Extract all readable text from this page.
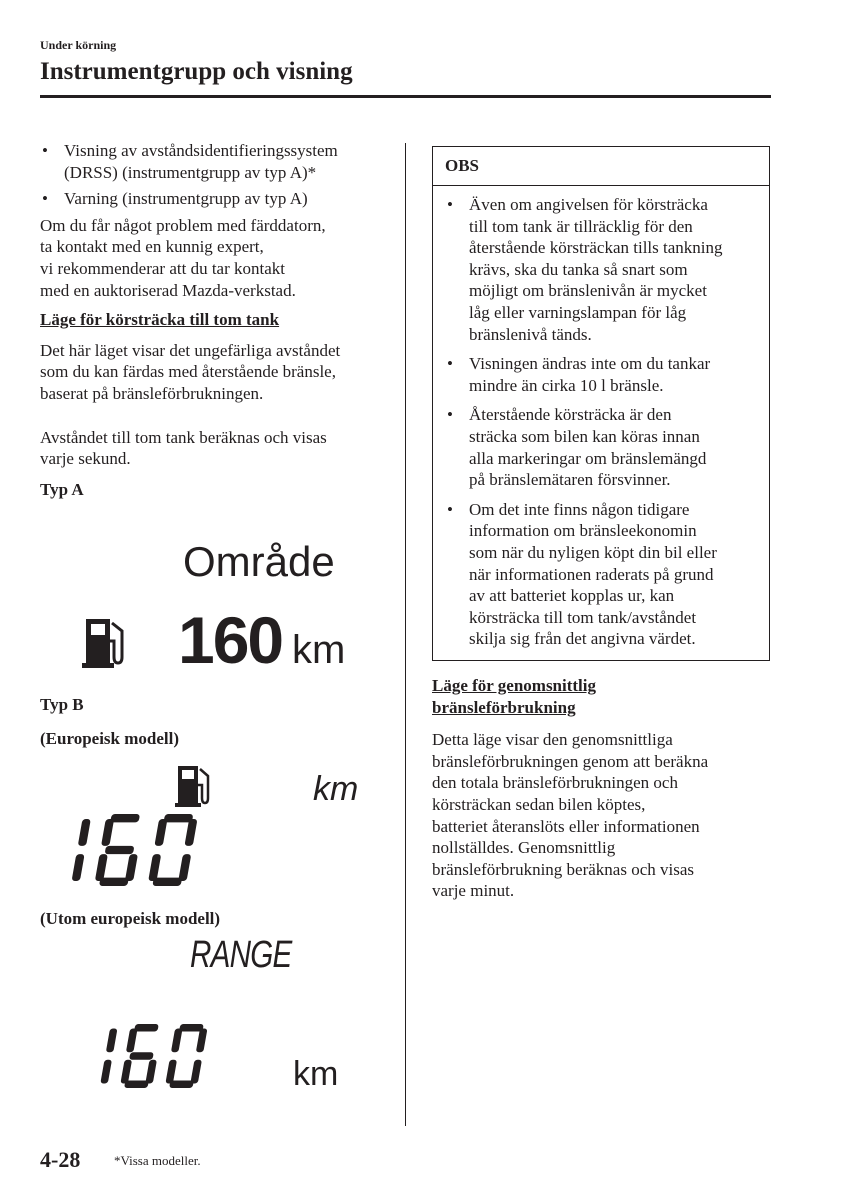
Under körning
Instrumentgrupp och visning
• Visning av avståndsidentifieringssystem
(DRSS) (instrumentgrupp av typ A)*
• Varning (instrumentgrupp av typ A)
Om du får något problem med färddatorn,
ta kontakt med en kunnig expert,
vi rekommenderar att du tar kontakt
med en auktoriserad Mazda-verkstad.
Läge för körsträcka till tom tank
Det här läget visar det ungefärliga avståndet
som du kan färdas med återstående bränsle,
baserat på bränsleförbrukningen.
Avståndet till tom tank beräknas och visas
varje sekund.
Typ A
Område
160 km
Typ B
(Europeisk modell)
km
(Utom europeisk modell)
RANGE
km
OBS
• Även om angivelsen för körsträcka
till tom tank är tillräcklig för den
återstående körsträckan tills tankning
krävs, ska du tanka så snart som
möjligt om bränslenivån är mycket
låg eller varningslampan för låg
bränslenivå tänds.
• Visningen ändras inte om du tankar
mindre än cirka 10 l bränsle.
• Återstående körsträcka är den
sträcka som bilen kan köras innan
alla markeringar om bränslemängd
på bränslemätaren försvinner.
• Om det inte finns någon tidigare
information om bränsleekonomin
som när du nyligen köpt din bil eller
när informationen raderats på grund
av att batteriet kopplas ur, kan
körsträcka till tom tank/avståndet
skilja sig från det angivna värdet.
Läge för genomsnittlig
bränsleförbrukning
Detta läge visar den genomsnittliga
bränsleförbrukningen genom att beräkna
den totala bränsleförbrukningen och
körsträckan sedan bilen köptes,
batteriet återanslöts eller informationen
nollställdes. Genomsnittlig
bränsleförbrukning beräknas och visas
varje minut.
4-28	*Vissa modeller.
